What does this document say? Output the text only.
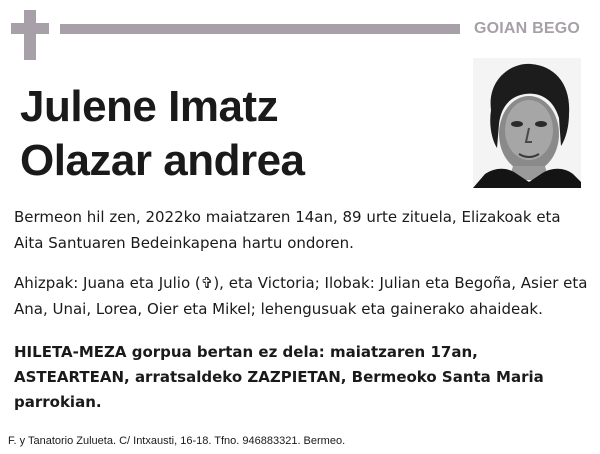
GOIAN BEGO
Julene Imatz
Olazar andrea
Bermeon hil zen, 2022ko maiatzaren 14an, 89 urte zituela, Elizakoak eta Aita Santuaren Bedeinkapena hartu ondoren.
Ahizpak: Juana eta Julio (✞), eta Victoria; Ilobak: Julian eta Begoña, Asier eta Ana, Unai, Lorea, Oier eta Mikel; lehengusuak eta gainerako ahaideak.
HILETA-MEZA gorpua bertan ez dela: maiatzaren 17an, ASTEARTEAN, arratsaldeko ZAZPIETAN, Bermeoko Santa Maria parrokian.
F. y Tanatorio Zulueta. C/ Intxausti, 16-18. Tfno. 946883321. Bermeo.
